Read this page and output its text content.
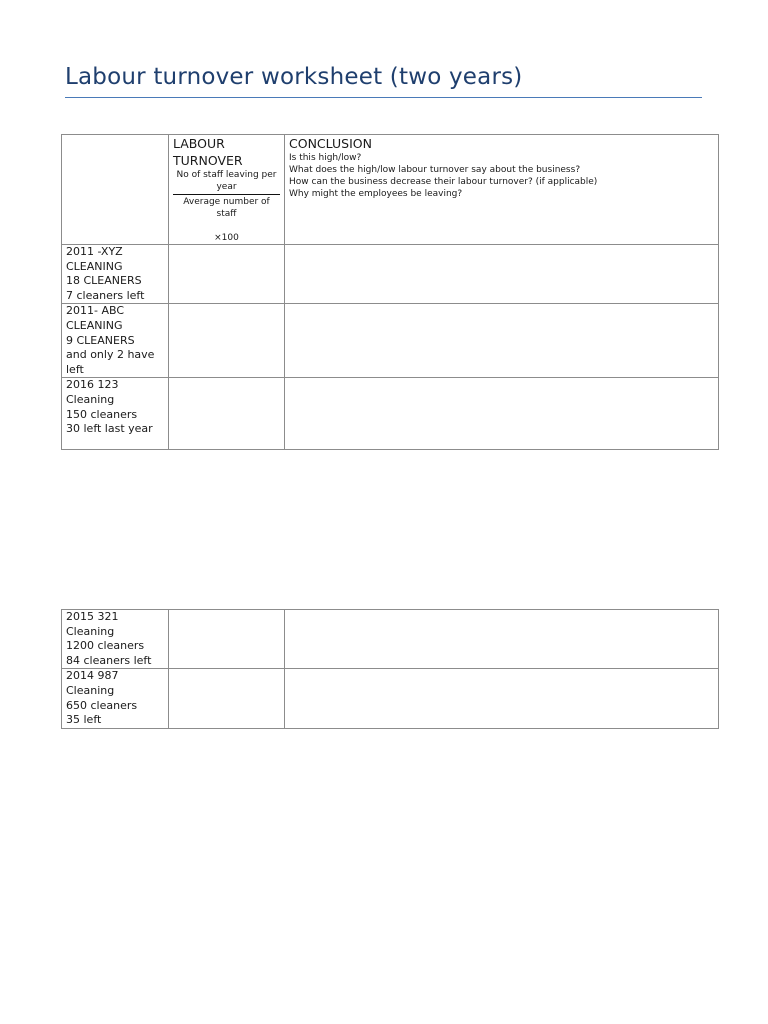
Labour turnover worksheet (two years)

	LABOUR TURNOVER
No of staff leaving per year
Average number of staff
×100	CONCLUSION
Is this high/low?
What does the high/low labour turnover say about the business?
How can the business decrease their labour turnover? (if applicable)
Why might the employees be leaving?

2011 -XYZ
CLEANING
18 CLEANERS
7 cleaners left		

2011- ABC
CLEANING
9 CLEANERS
and only 2 have
left		

2016 123
Cleaning
150 cleaners
30 left last year		

2015 321
Cleaning
1200 cleaners
84 cleaners left		

2014 987
Cleaning
650 cleaners
35 left		
